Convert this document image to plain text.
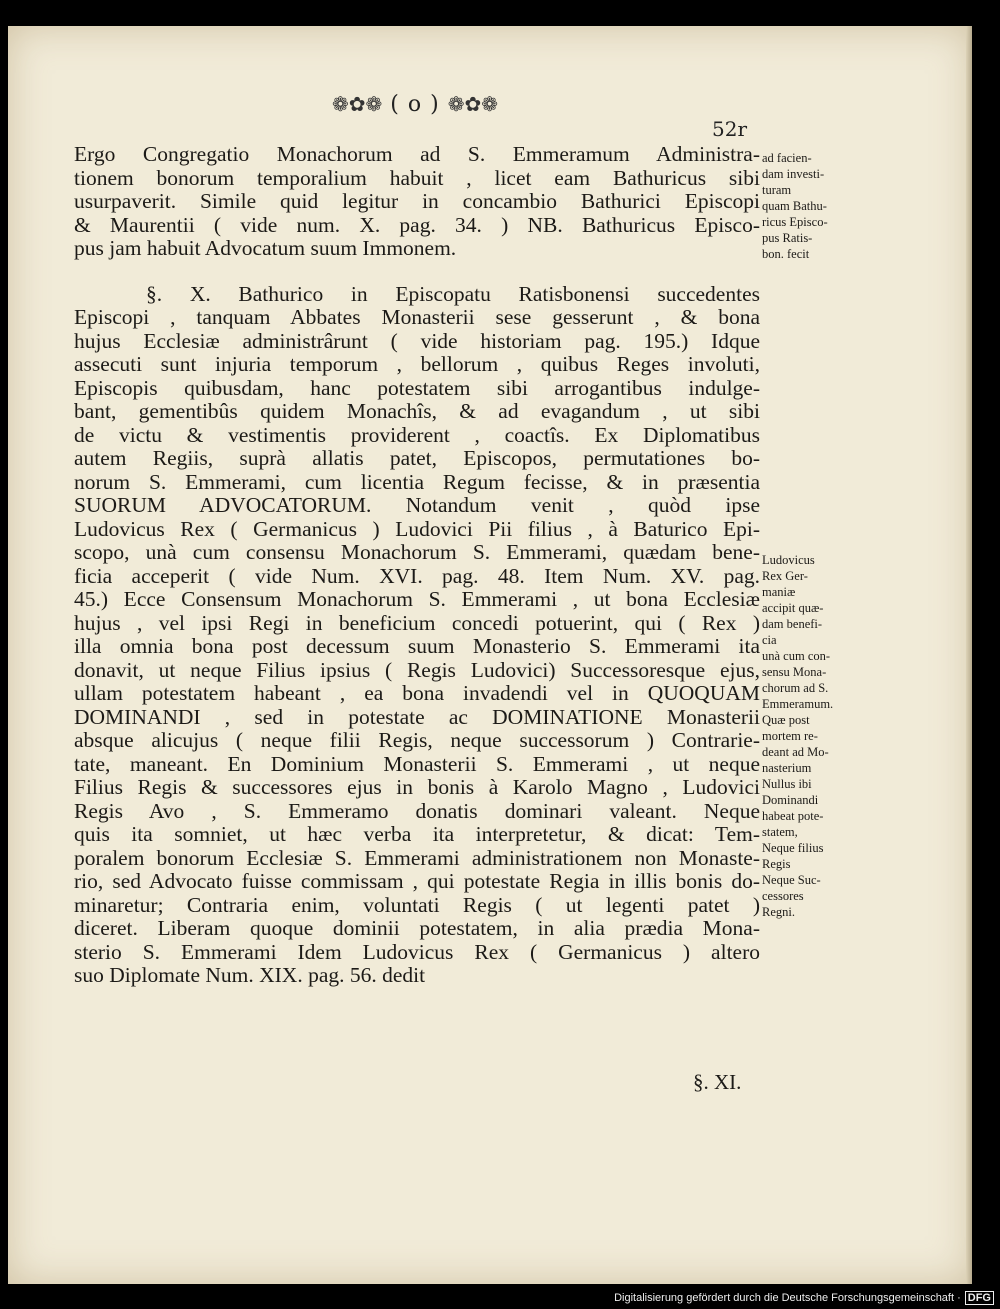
❁✿❁ ( o ) ❁✿❁
52r
Ergo Congregatio Monachorum ad S. Emmeramum Administra-
tionem bonorum temporalium habuit , licet eam Bathuricus sibi
usurpaverit. Simile quid legitur in concambio Bathurici Episcopi
& Maurentii ( vide num. X. pag. 34. ) NB. Bathuricus Episco-
pus jam habuit Advocatum suum Immonem.
§. X. Bathurico in Episcopatu Ratisbonensi succedentes
Episcopi , tanquam Abbates Monasterii sese gesserunt , & bona
hujus Ecclesiæ administrârunt ( vide historiam pag. 195.) Idque
assecuti sunt injuria temporum , bellorum , quibus Reges involuti,
Episcopis quibusdam, hanc potestatem sibi arrogantibus indulge-
bant, gementibûs quidem Monachîs, & ad evagandum , ut sibi
de victu & vestimentis providerent , coactîs. Ex Diplomatibus
autem Regiis, suprà allatis patet, Episcopos, permutationes bo-
norum S. Emmerami, cum licentia Regum fecisse, & in præsentia
SUORUM ADVOCATORUM. Notandum venit , quòd ipse
Ludovicus Rex ( Germanicus ) Ludovici Pii filius , à Baturico Epi-
scopo, unà cum consensu Monachorum S. Emmerami, quædam bene-
ficia acceperit ( vide Num. XVI. pag. 48. Item Num. XV. pag.
45.) Ecce Consensum Monachorum S. Emmerami , ut bona Ecclesiæ
hujus , vel ipsi Regi in beneficium concedi potuerint, qui ( Rex )
illa omnia bona post decessum suum Monasterio S. Emmerami ita
donavit, ut neque Filius ipsius ( Regis Ludovici) Successoresque ejus,
ullam potestatem habeant , ea bona invadendi vel in QUOQUAM
DOMINANDI , sed in potestate ac DOMINATIONE Monasterii
absque alicujus ( neque filii Regis, neque successorum ) Contrarie-
tate, maneant. En Dominium Monasterii S. Emmerami , ut neque
Filius Regis & successores ejus in bonis à Karolo Magno , Ludovici
Regis Avo , S. Emmeramo donatis dominari valeant. Neque
quis ita somniet, ut hæc verba ita interpretetur, & dicat: Tem-
poralem bonorum Ecclesiæ S. Emmerami administrationem non Monaste-
rio, sed Advocato fuisse commissam , qui potestate Regia in illis bonis do-
minaretur; Contraria enim, voluntati Regis ( ut legenti patet )
diceret. Liberam quoque dominii potestatem, in alia prædia Mona-
sterio S. Emmerami Idem Ludovicus Rex ( Germanicus ) altero
suo Diplomate Num. XIX. pag. 56. dedit
ad facien-
dam investi-
turam
quam Bathu-
ricus Episco-
pus Ratis-
bon. fecit
Ludovicus
Rex Ger-
maniæ
accipit quæ-
dam benefi-
cia
unà cum con-
sensu Mona-
chorum ad S.
Emmeramum.
Quæ post
mortem re-
deant ad Mo-
nasterium
Nullus ibi
Dominandi
habeat pote-
statem,
Neque filius
Regis
Neque Suc-
cessores
Regni.
§. XI.
Digitalisierung gefördert durch die Deutsche Forschungsgemeinschaft · DFG
